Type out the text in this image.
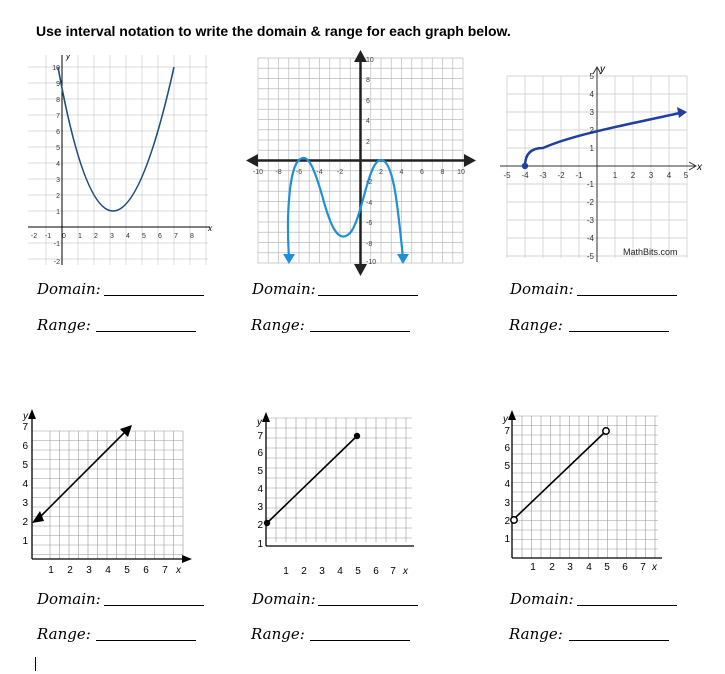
Use interval notation to write the domain & range for each graph below.
y
x
-2 -1 0 1 2 3 4 5 6 7 8
-2
-1
1
2
3
4
5
6
7
8
9
10
-10 -8 -6 -4 -2	2 4 6 8 10
10
8
6
4
2
-2
-4
-6
-8
-10
y
x
-5 -4 -3 -2 -1	1 2 3 4 5
5
4
3
2
1
-1
-2
-3
-4
-5	MathBits.com
Domain:
Range:
Domain:
Range:
Domain:
Range:
y
x
1 2 3 4 5 6 7
1
2
3
4
5
6
7	y
x
1 2 3 4 5 6 7
1
2
3
4
5
6
7
y
x
1 2 3 4 5 6 7
1
2
3
4
5
6
7
Domain:
Range:
Domain:
Range:
Domain:
Range:
